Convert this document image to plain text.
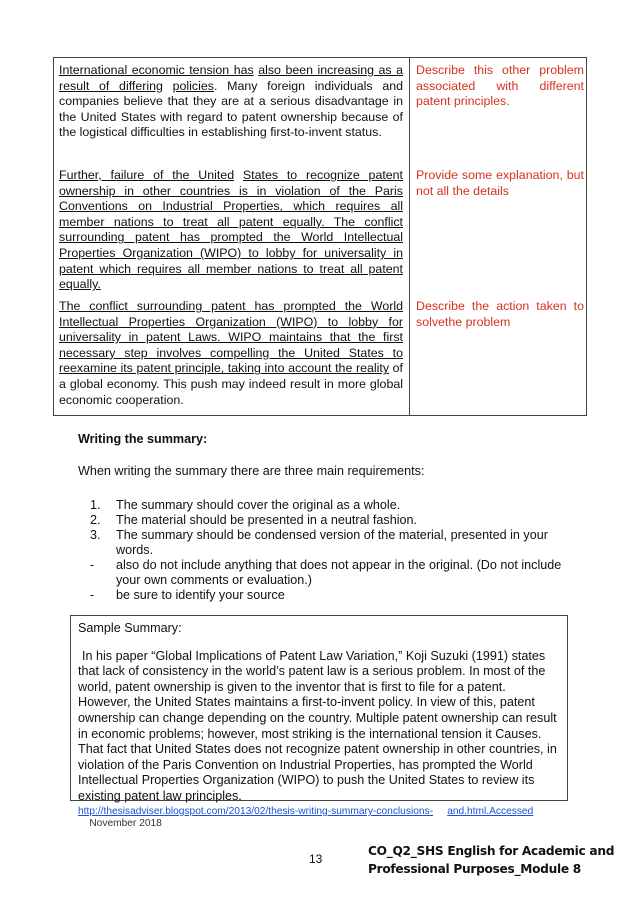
International economic tension has also been increasing as a result of differing policies. Many foreign individuals and companies believe that they are at a serious disadvantage in the United States with regard to patent ownership because of the logistical difficulties in establishing first-to-invent status.
Describe this other problem associated with different patent principles.
Further, failure of the United States to recognize patent ownership in other countries is in violation of the Paris Conventions on Industrial Properties, which requires all member nations to treat all patent equally. The conflict surrounding patent has prompted the World Intellectual Properties Organization (WIPO) to lobby for universality in patent which requires all member nations to treat all patent equally.
Provide some explanation, but not all the details
The conflict surrounding patent has prompted the World Intellectual Properties Organization (WIPO) to lobby for universality in patent Laws. WIPO maintains that the first necessary step involves compelling the United States to reexamine its patent principle, taking into account the reality of a global economy. This push may indeed result in more global economic cooperation.
Describe the action taken to solvethe problem
Writing the summary:
When writing the summary there are three main requirements:
1. The summary should cover the original as a whole.
2. The material should be presented in a neutral fashion.
3. The summary should be condensed version of the material, presented in your words.
- also do not include anything that does not appear in the original. (Do not include your own comments or evaluation.)
- be sure to identify your source
Sample Summary:
In his paper “Global Implications of Patent Law Variation,” Koji Suzuki (1991) states that lack of consistency in the world’s patent law is a serious problem. In most of the world, patent ownership is given to the inventor that is first to file for a patent. However, the United States maintains a first-to-invent policy. In view of this, patent ownership can change depending on the country. Multiple patent ownership can result in economic problems; however, most striking is the international tension it Causes. That fact that United States does not recognize patent ownership in other countries, in violation of the Paris Convention on Industrial Properties, has prompted the World Intellectual Properties Organization (WIPO) to push the United States to review its existing patent law principles.
http://thesisadviser.blogspot.com/2013/02/thesis-writing-summary-conclusions- and.html.Accessed     November 2018
13
CO_Q2_SHS English for Academic and
Professional Purposes_Module 8
